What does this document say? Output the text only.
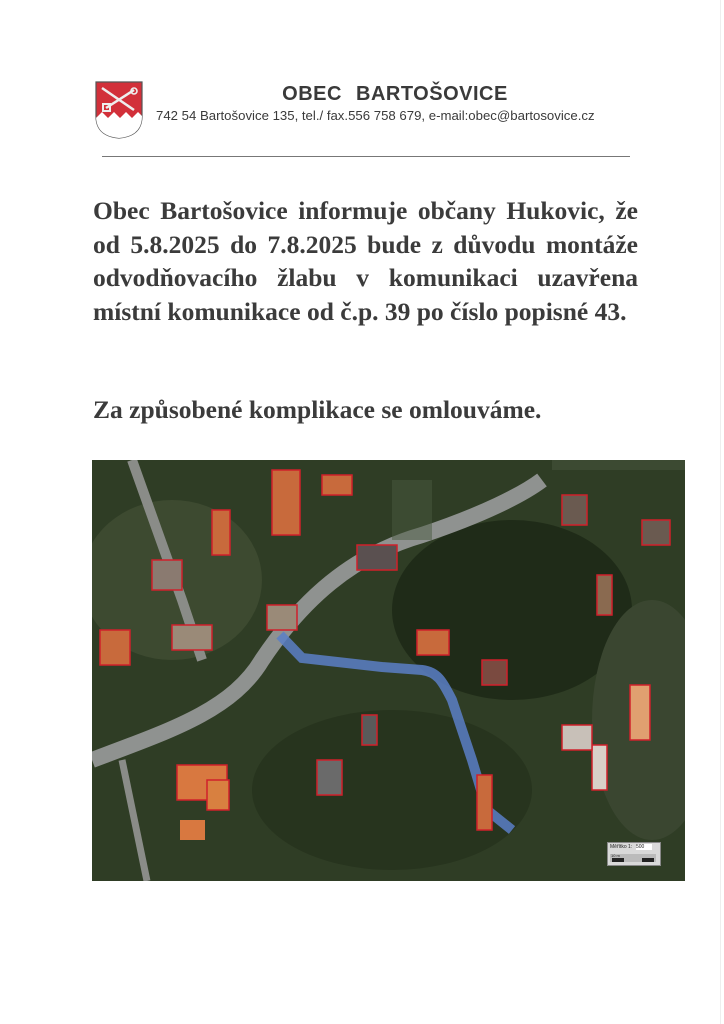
OBEC BARTOŠOVICE
742 54 Bartošovice 135, tel./ fax.556 758 679, e-mail:obec@bartosovice.cz
Obec Bartošovice informuje občany Hukovic, že od 5.8.2025 do 7.8.2025 bude z důvodu montáže odvodňovacího žlabu v komunikaci uzavřena místní komunikace od č.p. 39 po číslo popisné 43.
Za způsobené komplikace se omlouváme.
Měřítko 1: 500
10 m
